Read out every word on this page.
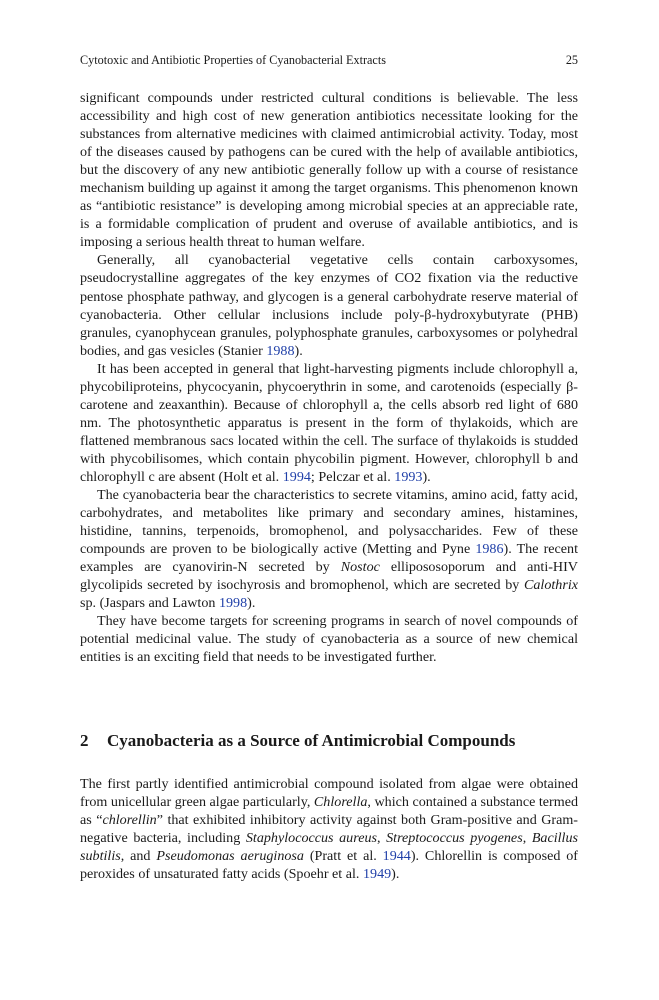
Cytotoxic and Antibiotic Properties of Cyanobacterial Extracts	25

significant compounds under restricted cultural conditions is believable. The less accessibility and high cost of new generation antibiotics necessitate looking for the substances from alternative medicines with claimed antimicrobial activity. Today, most of the diseases caused by pathogens can be cured with the help of available antibiotics, but the discovery of any new antibiotic generally follow up with a course of resistance mechanism building up against it among the target organisms. This phenomenon known as “antibiotic resistance” is developing among microbial species at an appreciable rate, is a formidable complication of prudent and overuse of available antibiotics, and is imposing a serious health threat to human welfare.

Generally, all cyanobacterial vegetative cells contain carboxysomes, pseudocrystalline aggregates of the key enzymes of CO2 fixation via the reductive pentose phosphate pathway, and glycogen is a general carbohydrate reserve material of cyanobacteria. Other cellular inclusions include poly-β-hydroxybutyrate (PHB) granules, cyanophycean granules, polyphosphate granules, carboxysomes or polyhedral bodies, and gas vesicles (Stanier 1988).

It has been accepted in general that light-harvesting pigments include chlorophyll a, phycobiliproteins, phycocyanin, phycoerythrin in some, and carotenoids (especially β-carotene and zeaxanthin). Because of chlorophyll a, the cells absorb red light of 680 nm. The photosynthetic apparatus is present in the form of thylakoids, which are flattened membranous sacs located within the cell. The surface of thylakoids is studded with phycobilisomes, which contain phycobilin pigment. However, chlorophyll b and chlorophyll c are absent (Holt et al. 1994; Pelczar et al. 1993).

The cyanobacteria bear the characteristics to secrete vitamins, amino acid, fatty acid, carbohydrates, and metabolites like primary and secondary amines, histamines, histidine, tannins, terpenoids, bromophenol, and polysaccharides. Few of these compounds are proven to be biologically active (Metting and Pyne 1986). The recent examples are cyanovirin-N secreted by Nostoc ellipososoporum and anti-HIV glycolipids secreted by isochyrosis and bromophenol, which are secreted by Calothrix sp. (Jaspars and Lawton 1998).

They have become targets for screening programs in search of novel compounds of potential medicinal value. The study of cyanobacteria as a source of new chemical entities is an exciting field that needs to be investigated further.

2 Cyanobacteria as a Source of Antimicrobial Compounds

The first partly identified antimicrobial compound isolated from algae were obtained from unicellular green algae particularly, Chlorella, which contained a substance termed as “chlorellin” that exhibited inhibitory activity against both Gram-positive and Gram-negative bacteria, including Staphylococcus aureus, Streptococcus pyogenes, Bacillus subtilis, and Pseudomonas aeruginosa (Pratt et al. 1944). Chlorellin is composed of peroxides of unsaturated fatty acids (Spoehr et al. 1949).
